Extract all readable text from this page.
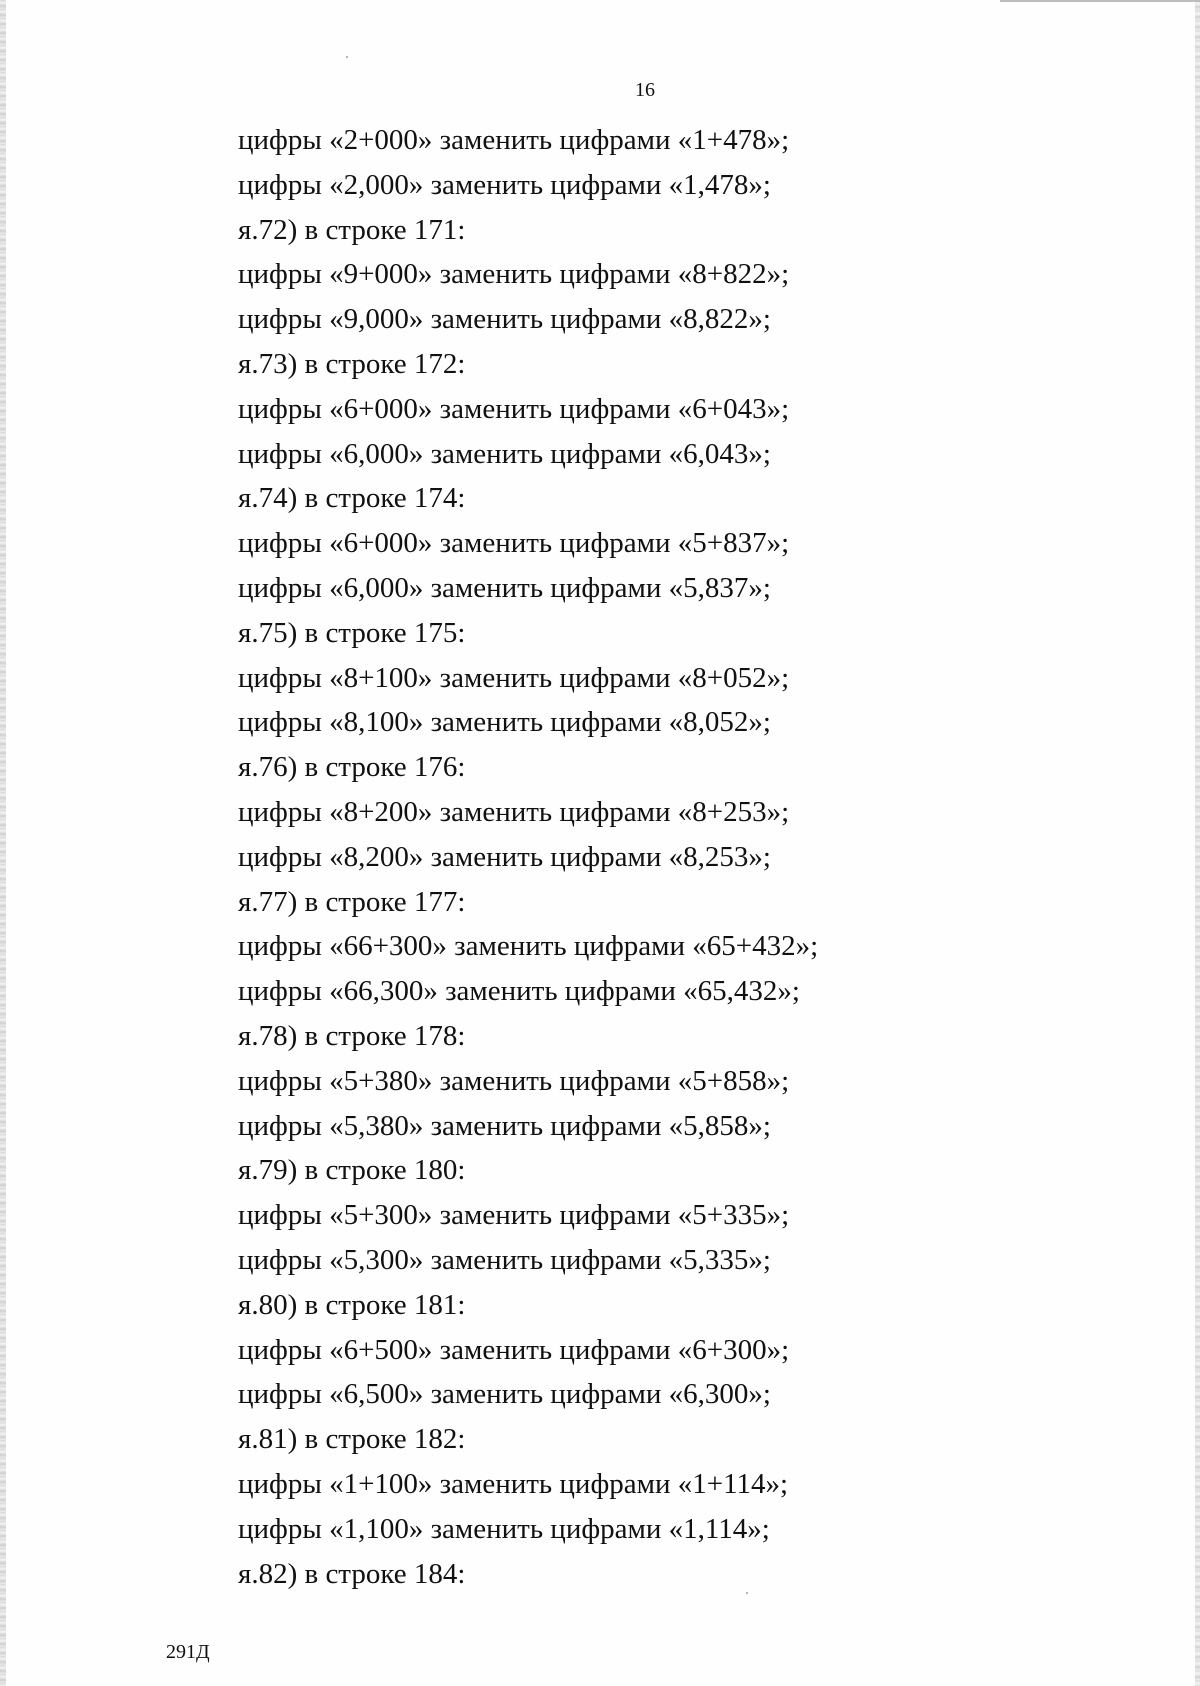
16
цифры «2+000» заменить цифрами «1+478»;
цифры «2,000» заменить цифрами «1,478»;
я.72) в строке 171:
цифры «9+000» заменить цифрами «8+822»;
цифры «9,000» заменить цифрами «8,822»;
я.73) в строке 172:
цифры «6+000» заменить цифрами «6+043»;
цифры «6,000» заменить цифрами «6,043»;
я.74) в строке 174:
цифры «6+000» заменить цифрами «5+837»;
цифры «6,000» заменить цифрами «5,837»;
я.75) в строке 175:
цифры «8+100» заменить цифрами «8+052»;
цифры «8,100» заменить цифрами «8,052»;
я.76) в строке 176:
цифры «8+200» заменить цифрами «8+253»;
цифры «8,200» заменить цифрами «8,253»;
я.77) в строке 177:
цифры «66+300» заменить цифрами «65+432»;
цифры «66,300» заменить цифрами «65,432»;
я.78) в строке 178:
цифры «5+380» заменить цифрами «5+858»;
цифры «5,380» заменить цифрами «5,858»;
я.79) в строке 180:
цифры «5+300» заменить цифрами «5+335»;
цифры «5,300» заменить цифрами «5,335»;
я.80) в строке 181:
цифры «6+500» заменить цифрами «6+300»;
цифры «6,500» заменить цифрами «6,300»;
я.81) в строке 182:
цифры «1+100» заменить цифрами «1+114»;
цифры «1,100» заменить цифрами «1,114»;
я.82) в строке 184:
291Д
